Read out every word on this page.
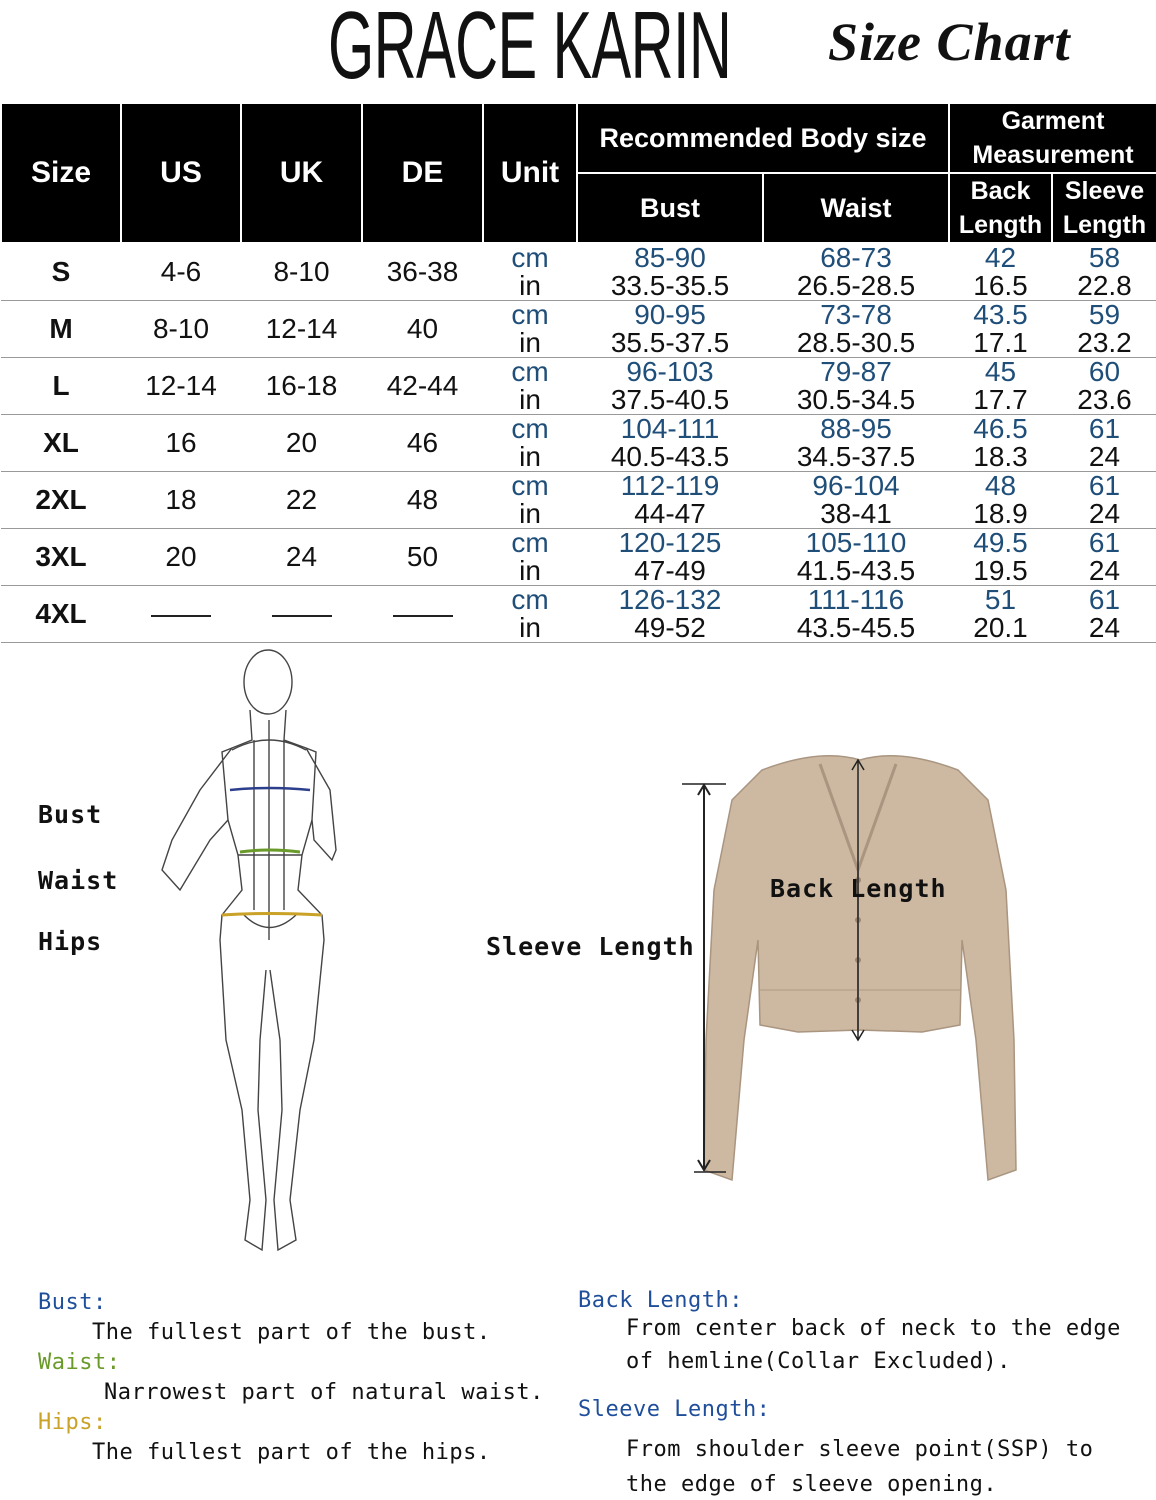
GRACE KARIN Size Chart
Size	US	UK	DE	Unit	Recommended Body size		Garment Measurement	
					Bust	Waist	Back Length	Sleeve Length
S	4-6	8-10	36-38	cm	85-90	68-73	42	58
				in	33.5-35.5	26.5-28.5	16.5	22.8
M	8-10	12-14	40	cm	90-95	73-78	43.5	59
				in	35.5-37.5	28.5-30.5	17.1	23.2
L	12-14	16-18	42-44	cm	96-103	79-87	45	60
				in	37.5-40.5	30.5-34.5	17.7	23.6
XL	16	20	46	cm	104-111	88-95	46.5	61
				in	40.5-43.5	34.5-37.5	18.3	24
2XL	18	22	48	cm	112-119	96-104	48	61
				in	44-47	38-41	18.9	24
3XL	20	24	50	cm	120-125	105-110	49.5	61
				in	47-49	41.5-43.5	19.5	24
4XL				cm	126-132	111-116	51	61
				in	49-52	43.5-45.5	20.1	24
Bust
Waist
Hips
Back Length
Sleeve Length
Bust:
The fullest part of the bust.
Waist:
Narrowest part of natural waist.
Hips:
The fullest part of the hips.
Back Length:
From center back of neck to the edge
of hemline(Collar Excluded).
Sleeve Length:
From shoulder sleeve point(SSP) to
the edge of sleeve opening.
